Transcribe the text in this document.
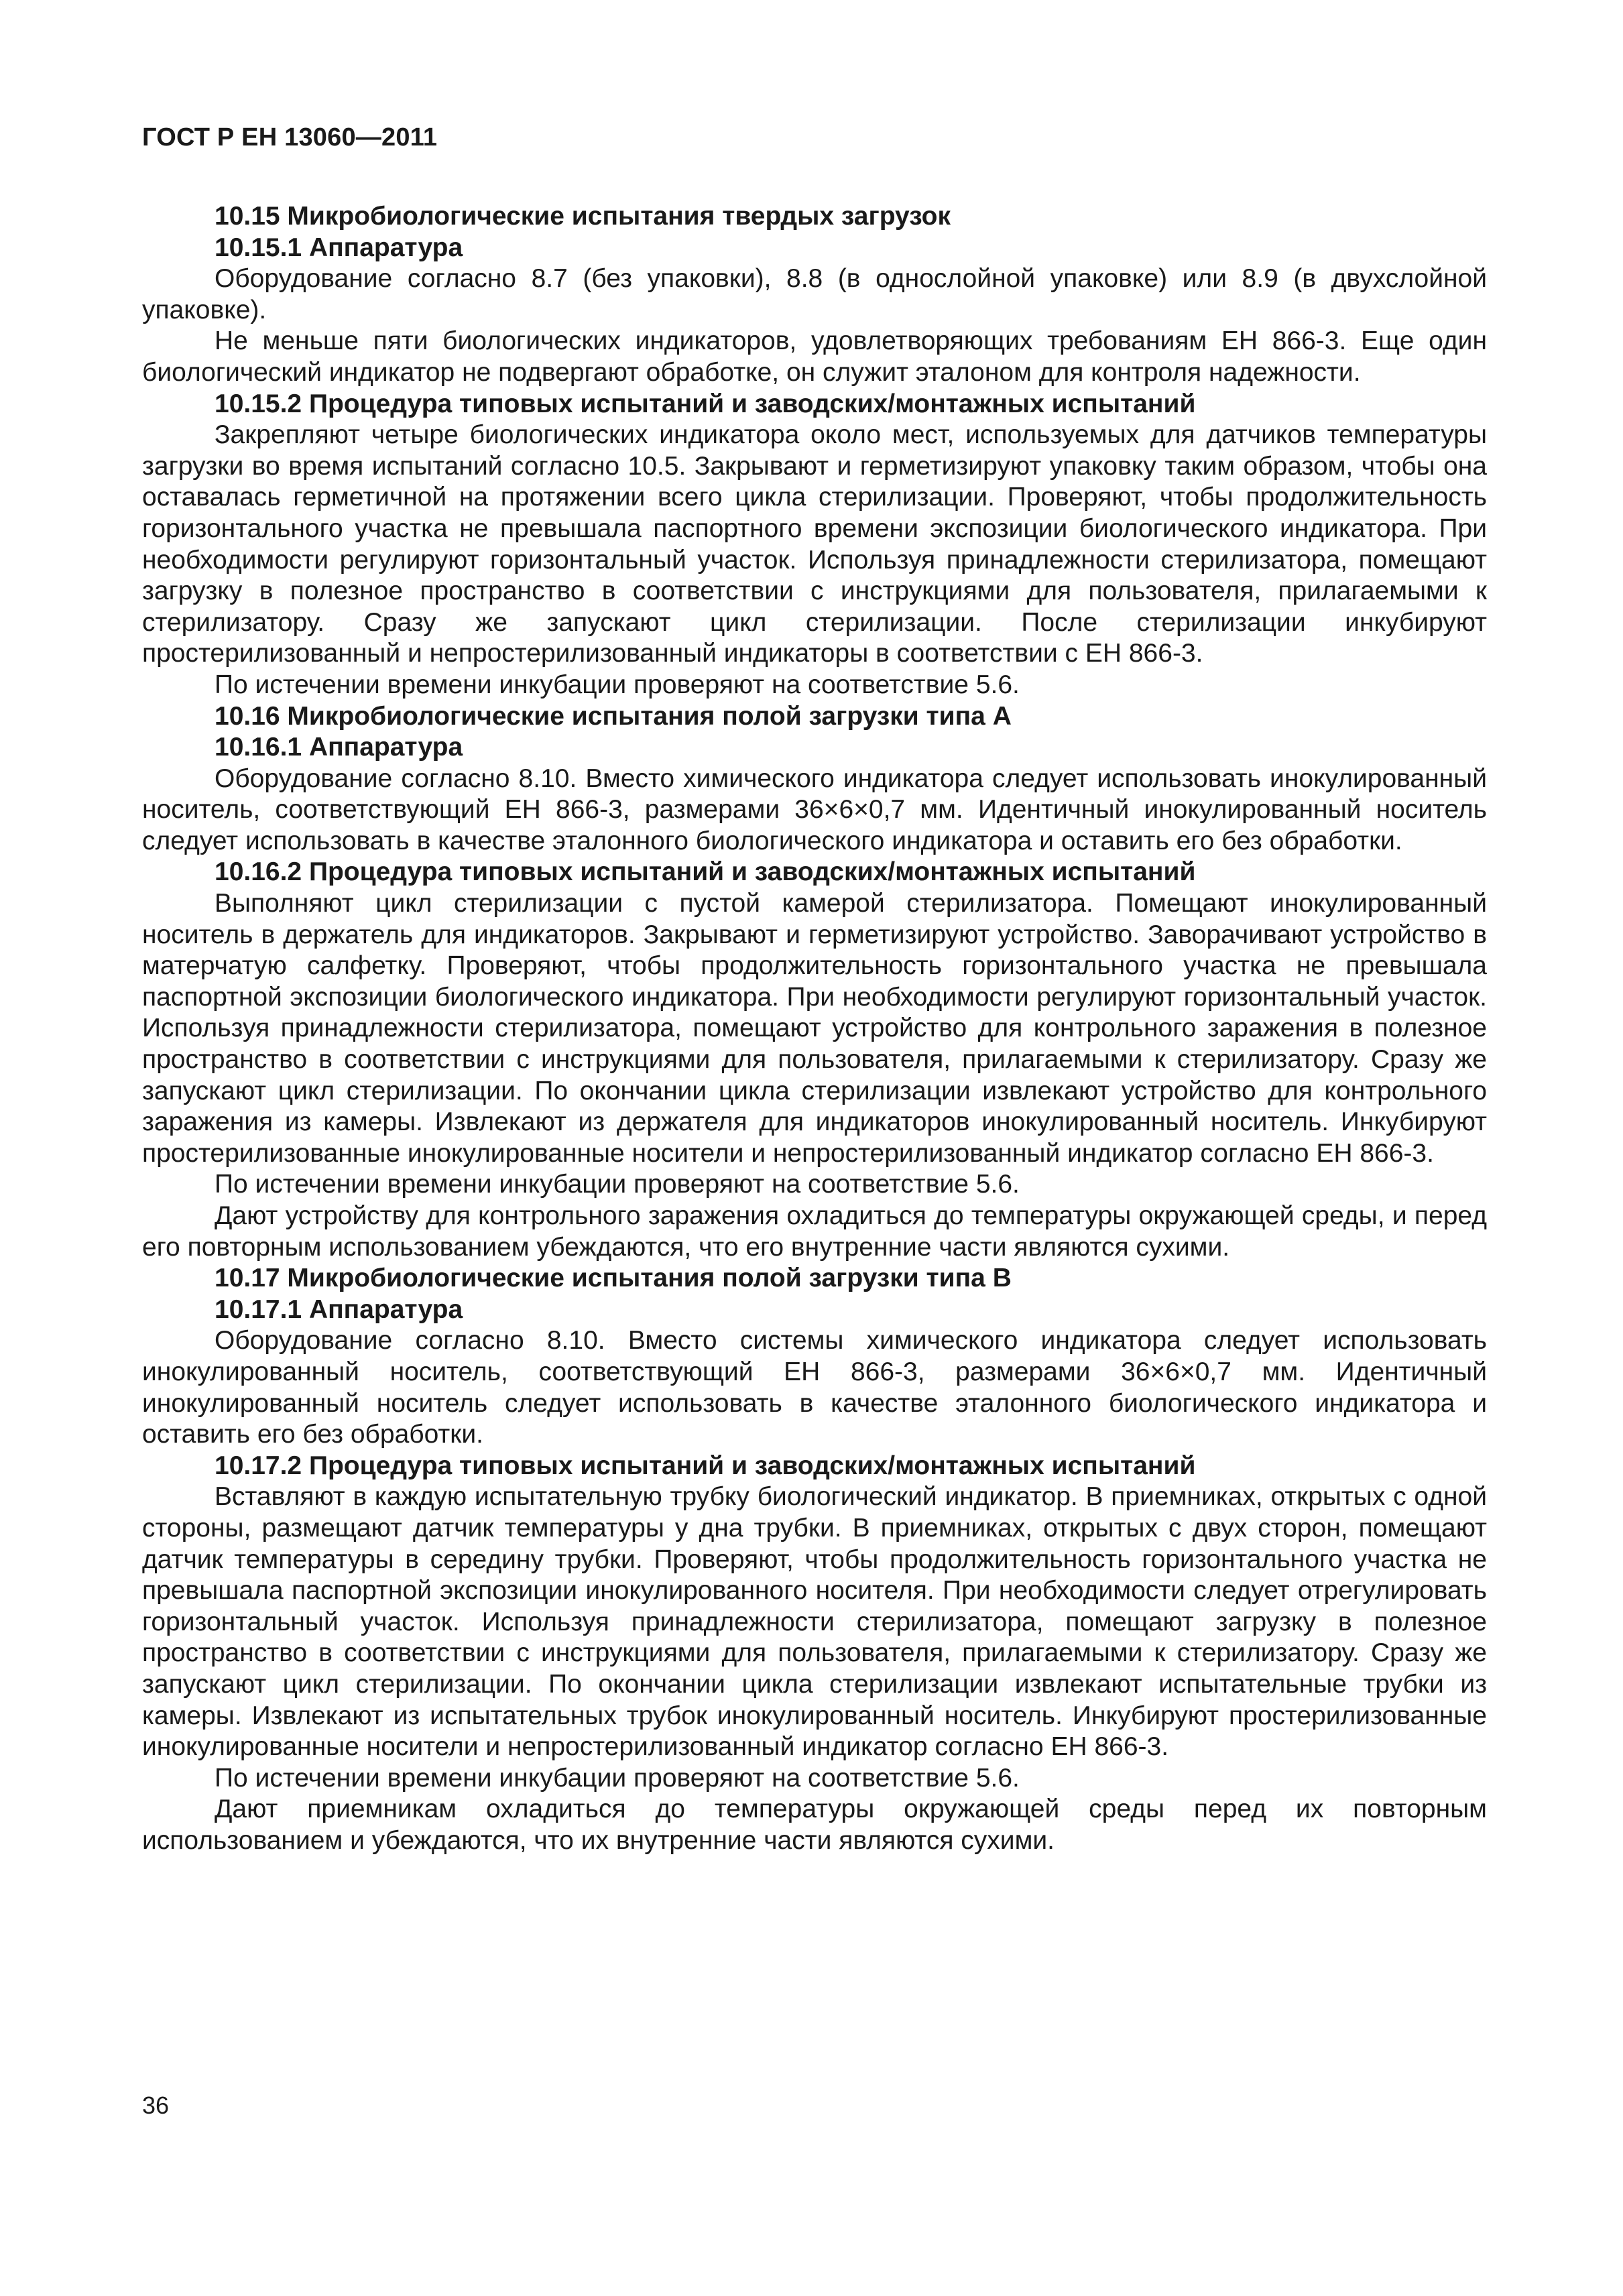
ГОСТ Р ЕН 13060—2011

10.15 Микробиологические испытания твердых загрузок

10.15.1 Аппаратура

Оборудование согласно 8.7 (без упаковки), 8.8 (в однослойной упаковке) или 8.9 (в двухслойной упаковке).

Не меньше пяти биологических индикаторов, удовлетворяющих требованиям ЕН 866-3. Еще один биологический индикатор не подвергают обработке, он служит эталоном для контроля надежности.

10.15.2 Процедура типовых испытаний и заводских/монтажных испытаний

Закрепляют четыре биологических индикатора около мест, используемых для датчиков температуры загрузки во время испытаний согласно 10.5. Закрывают и герметизируют упаковку таким образом, чтобы она оставалась герметичной на протяжении всего цикла стерилизации. Проверяют, чтобы продолжительность горизонтального участка не превышала паспортного времени экспозиции биологического индикатора. При необходимости регулируют горизонтальный участок. Используя принадлежности стерилизатора, помещают загрузку в полезное пространство в соответствии с инструкциями для пользователя, прилагаемыми к стерилизатору. Сразу же запускают цикл стерилизации. После стерилизации инкубируют простерилизованный и непростерилизованный индикаторы в соответствии с ЕН 866-3.

По истечении времени инкубации проверяют на соответствие 5.6.

10.16 Микробиологические испытания полой загрузки типа А

10.16.1 Аппаратура

Оборудование согласно 8.10. Вместо химического индикатора следует использовать инокулированный носитель, соответствующий ЕН 866-3, размерами 36×6×0,7 мм. Идентичный инокулированный носитель следует использовать в качестве эталонного биологического индикатора и оставить его без обработки.

10.16.2 Процедура типовых испытаний и заводских/монтажных испытаний

Выполняют цикл стерилизации с пустой камерой стерилизатора. Помещают инокулированный носитель в держатель для индикаторов. Закрывают и герметизируют устройство. Заворачивают устройство в матерчатую салфетку. Проверяют, чтобы продолжительность горизонтального участка не превышала паспортной экспозиции биологического индикатора. При необходимости регулируют горизонтальный участок. Используя принадлежности стерилизатора, помещают устройство для контрольного заражения в полезное пространство в соответствии с инструкциями для пользователя, прилагаемыми к стерилизатору. Сразу же запускают цикл стерилизации. По окончании цикла стерилизации извлекают устройство для контрольного заражения из камеры. Извлекают из держателя для индикаторов инокулированный носитель. Инкубируют простерилизованные инокулированные носители и непростерилизованный индикатор согласно ЕН 866-3.

По истечении времени инкубации проверяют на соответствие 5.6.

Дают устройству для контрольного заражения охладиться до температуры окружающей среды, и перед его повторным использованием убеждаются, что его внутренние части являются сухими.

10.17 Микробиологические испытания полой загрузки типа В

10.17.1 Аппаратура

Оборудование согласно 8.10. Вместо системы химического индикатора следует использовать инокулированный носитель, соответствующий ЕН 866-3, размерами 36×6×0,7 мм. Идентичный инокулированный носитель следует использовать в качестве эталонного биологического индикатора и оставить его без обработки.

10.17.2 Процедура типовых испытаний и заводских/монтажных испытаний

Вставляют в каждую испытательную трубку биологический индикатор. В приемниках, открытых с одной стороны, размещают датчик температуры у дна трубки. В приемниках, открытых с двух сторон, помещают датчик температуры в середину трубки. Проверяют, чтобы продолжительность горизонтального участка не превышала паспортной экспозиции инокулированного носителя. При необходимости следует отрегулировать горизонтальный участок. Используя принадлежности стерилизатора, помещают загрузку в полезное пространство в соответствии с инструкциями для пользователя, прилагаемыми к стерилизатору. Сразу же запускают цикл стерилизации. По окончании цикла стерилизации извлекают испытательные трубки из камеры. Извлекают из испытательных трубок инокулированный носитель. Инкубируют простерилизованные инокулированные носители и непростерилизованный индикатор согласно ЕН 866-3.

По истечении времени инкубации проверяют на соответствие 5.6.

Дают приемникам охладиться до температуры окружающей среды перед их повторным использованием и убеждаются, что их внутренние части являются сухими.

36
